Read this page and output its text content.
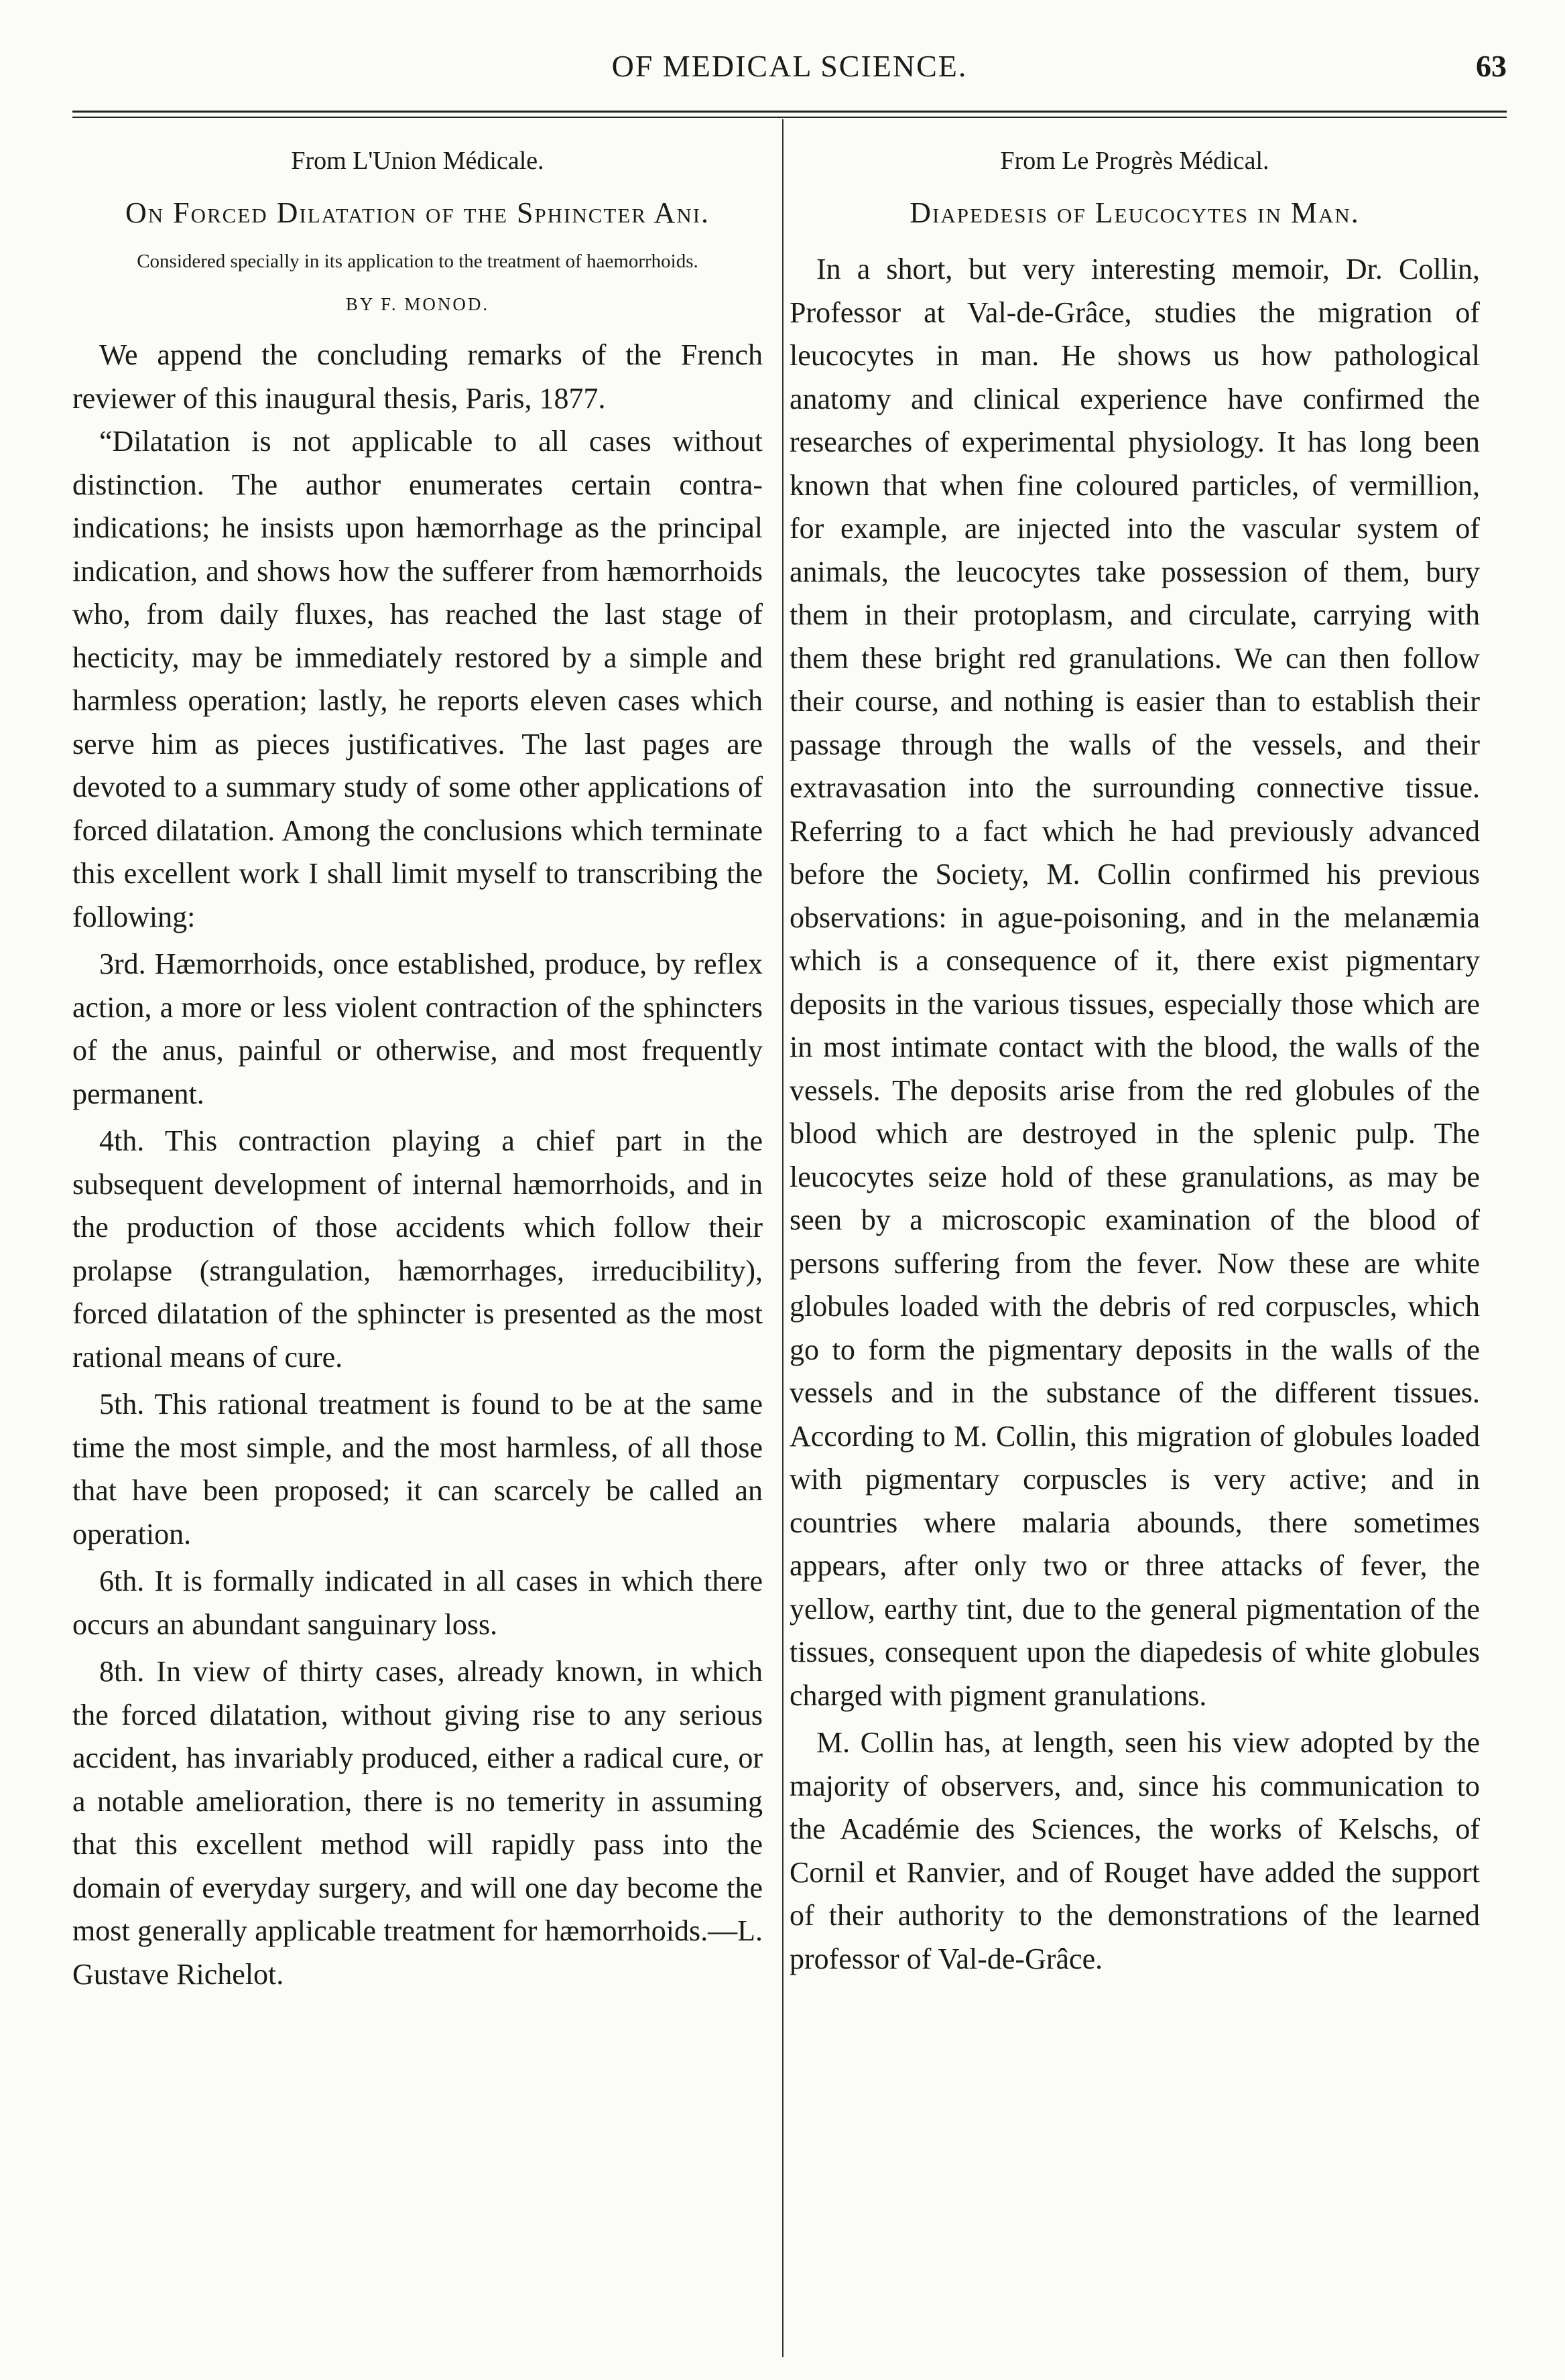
OF MEDICAL SCIENCE.	63

From L'Union Médicale.

On Forced Dilatation of the Sphincter Ani.

Considered specially in its application to the treatment of haemorrhoids.

BY F. MONOD.

We append the concluding remarks of the French reviewer of this inaugural thesis, Paris, 1877.

“Dilatation is not applicable to all cases without distinction. The author enumerates certain contra-indications; he insists upon hæmorrhage as the principal indication, and shows how the sufferer from hæmorrhoids who, from daily fluxes, has reached the last stage of hecticity, may be immediately restored by a simple and harmless operation; lastly, he reports eleven cases which serve him as pieces justificatives. The last pages are devoted to a summary study of some other applications of forced dilatation. Among the conclusions which terminate this excellent work I shall limit myself to transcribing the following:

3rd. Hæmorrhoids, once established, produce, by reflex action, a more or less violent contraction of the sphincters of the anus, painful or otherwise, and most frequently permanent.

4th. This contraction playing a chief part in the subsequent development of internal hæmorrhoids, and in the production of those accidents which follow their prolapse (strangulation, hæmorrhages, irreducibility), forced dilatation of the sphincter is presented as the most rational means of cure.

5th. This rational treatment is found to be at the same time the most simple, and the most harmless, of all those that have been proposed; it can scarcely be called an operation.

6th. It is formally indicated in all cases in which there occurs an abundant sanguinary loss.

8th. In view of thirty cases, already known, in which the forced dilatation, without giving rise to any serious accident, has invariably produced, either a radical cure, or a notable amelioration, there is no temerity in assuming that this excellent method will rapidly pass into the domain of everyday surgery, and will one day become the most generally applicable treatment for hæmorrhoids.—L. Gustave Richelot.

From Le Progrès Médical.

Diapedesis of Leucocytes in Man.

In a short, but very interesting memoir, Dr. Collin, Professor at Val-de-Grâce, studies the migration of leucocytes in man. He shows us how pathological anatomy and clinical experience have confirmed the researches of experimental physiology. It has long been known that when fine coloured particles, of vermillion, for example, are injected into the vascular system of animals, the leucocytes take possession of them, bury them in their protoplasm, and circulate, carrying with them these bright red granulations. We can then follow their course, and nothing is easier than to establish their passage through the walls of the vessels, and their extravasation into the surrounding connective tissue. Referring to a fact which he had previously advanced before the Society, M. Collin confirmed his previous observations: in ague-poisoning, and in the melanæmia which is a consequence of it, there exist pigmentary deposits in the various tissues, especially those which are in most intimate contact with the blood, the walls of the vessels. The deposits arise from the red globules of the blood which are destroyed in the splenic pulp. The leucocytes seize hold of these granulations, as may be seen by a microscopic examination of the blood of persons suffering from the fever. Now these are white globules loaded with the debris of red corpuscles, which go to form the pigmentary deposits in the walls of the vessels and in the substance of the different tissues. According to M. Collin, this migration of globules loaded with pigmentary corpuscles is very active; and in countries where malaria abounds, there sometimes appears, after only two or three attacks of fever, the yellow, earthy tint, due to the general pigmentation of the tissues, consequent upon the diapedesis of white globules charged with pigment granulations.

M. Collin has, at length, seen his view adopted by the majority of observers, and, since his communication to the Académie des Sciences, the works of Kelschs, of Cornil et Ranvier, and of Rouget have added the support of their authority to the demonstrations of the learned professor of Val-de-Grâce.
